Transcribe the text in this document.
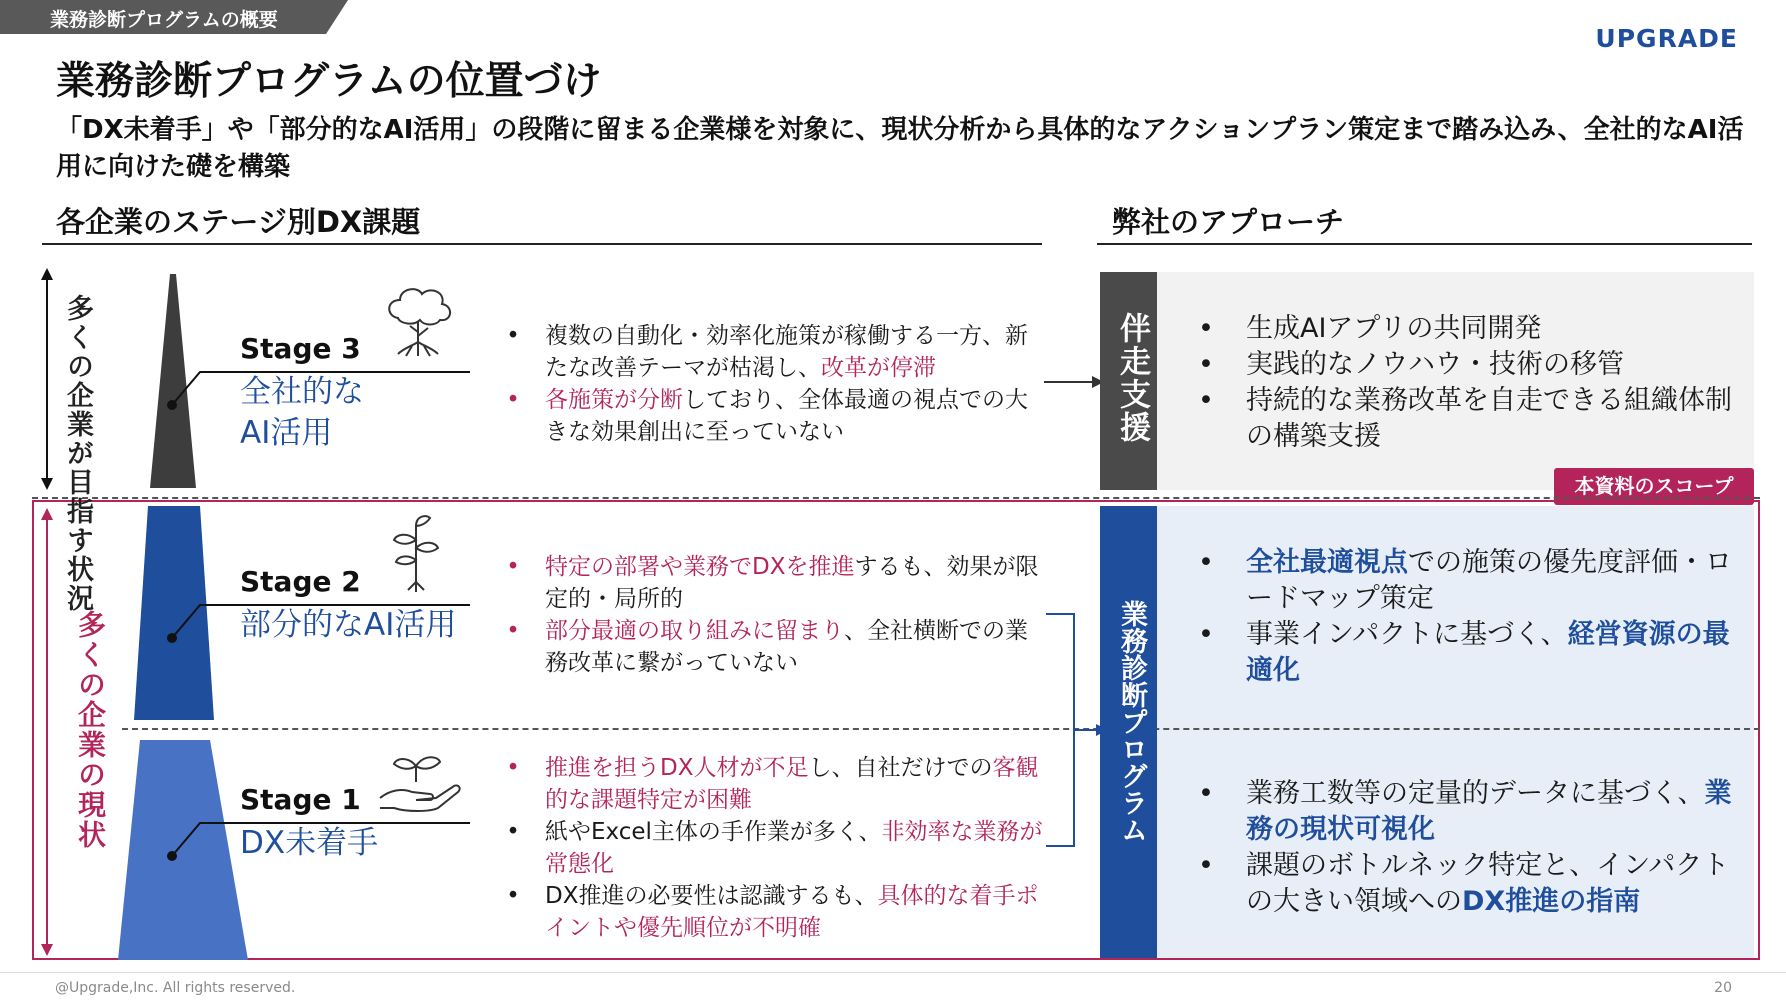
業務診断プログラムの概要
UPGRADE
業務診断プログラムの位置づけ

「DX未着手」や「部分的なAI活用」の段階に留まる企業様を対象に、現状分析から具体的なアクションプラン策定まで踏み込み、全社的なAI活用に向けた礎を構築

各企業のステージ別DX課題	弊社のアプローチ
本資料のスコープ
多くの企業が目指す状況
多くの企業の現状
Stage 3
全社的な
AI活用
Stage 2
部分的なAI活用
Stage 1
DX未着手
• 複数の自動化・効率化施策が稼働する一方、新たな改善テーマが枯渇し、改革が停滞
• 各施策が分断しており、全体最適の視点での大きな効果創出に至っていない
• 特定の部署や業務でDXを推進するも、効果が限定的・局所的
• 部分最適の取り組みに留まり、全社横断での業務改革に繋がっていない
• 推進を担うDX人材が不足し、自社だけでの客観的な課題特定が困難
• 紙やExcel主体の手作業が多く、非効率な業務が常態化
• DX推進の必要性は認識するも、具体的な着手ポイントや優先順位が不明確
伴走支援
業務診断プログラム
• 生成AIアプリの共同開発
• 実践的なノウハウ・技術の移管
• 持続的な業務改革を自走できる組織体制の構築支援
• 全社最適視点での施策の優先度評価・ロードマップ策定
• 事業インパクトに基づく、経営資源の最適化
• 業務工数等の定量的データに基づく、業務の現状可視化
• 課題のボトルネック特定と、インパクトの大きい領域へのDX推進の指南
@Upgrade,Inc. All rights reserved.	20
